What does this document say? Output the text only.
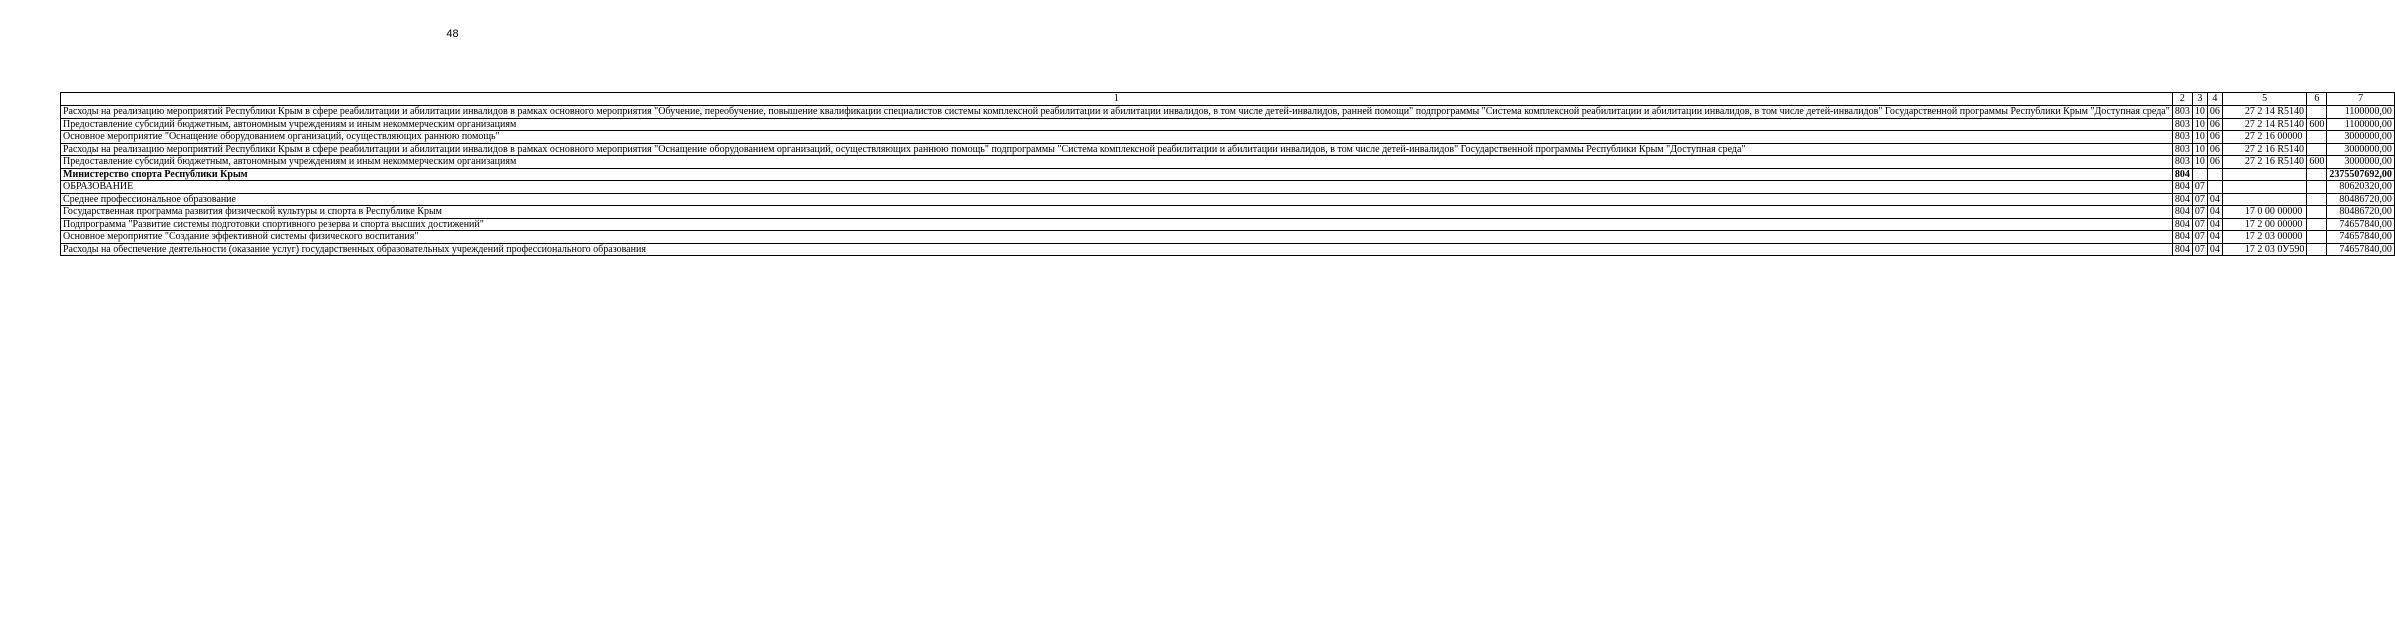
48
1	2	3	4	5	6	7
Расходы на реализацию мероприятий Республики Крым в сфере реабилитации и абилитации инвалидов в рамках основного мероприятия "Обучение, переобучение, повышение квалификации специалистов системы комплексной реабилитации и абилитации инвалидов, в том числе детей-инвалидов, ранней помощи" подпрограммы "Система комплексной реабилитации и абилитации инвалидов, в том числе детей-инвалидов" Государственной программы Республики Крым "Доступная среда"	803	10	06	27 2 14 R5140		1100000,00
Предоставление субсидий бюджетным, автономным учреждениям и иным некоммерческим организациям	803	10	06	27 2 14 R5140	600	1100000,00
Основное мероприятие "Оснащение оборудованием организаций, осуществляющих раннюю помощь"	803	10	06	27 2 16 00000		3000000,00
Расходы на реализацию мероприятий Республики Крым в сфере реабилитации и абилитации инвалидов в рамках основного мероприятия "Оснащение оборудованием организаций, осуществляющих раннюю помощь" подпрограммы "Система комплексной реабилитации и абилитации инвалидов, в том числе детей-инвалидов" Государственной программы Республики Крым "Доступная среда"	803	10	06	27 2 16 R5140		3000000,00
Предоставление субсидий бюджетным, автономным учреждениям и иным некоммерческим организациям	803	10	06	27 2 16 R5140	600	3000000,00
Министерство спорта Республики Крым	804					2375507692,00
ОБРАЗОВАНИЕ	804	07				80620320,00
Среднее профессиональное образование	804	07	04			80486720,00
Государственная программа развития физической культуры и спорта в Республике Крым	804	07	04	17 0 00 00000		80486720,00
Подпрограмма "Развитие системы подготовки спортивного резерва и спорта высших достижений"	804	07	04	17 2 00 00000		74657840,00
Основное мероприятие "Создание эффективной системы физического воспитания"	804	07	04	17 2 03 00000		74657840,00
Расходы на обеспечение деятельности (оказание услуг) государственных образовательных учреждений профессионального образования	804	07	04	17 2 03 0У590		74657840,00
